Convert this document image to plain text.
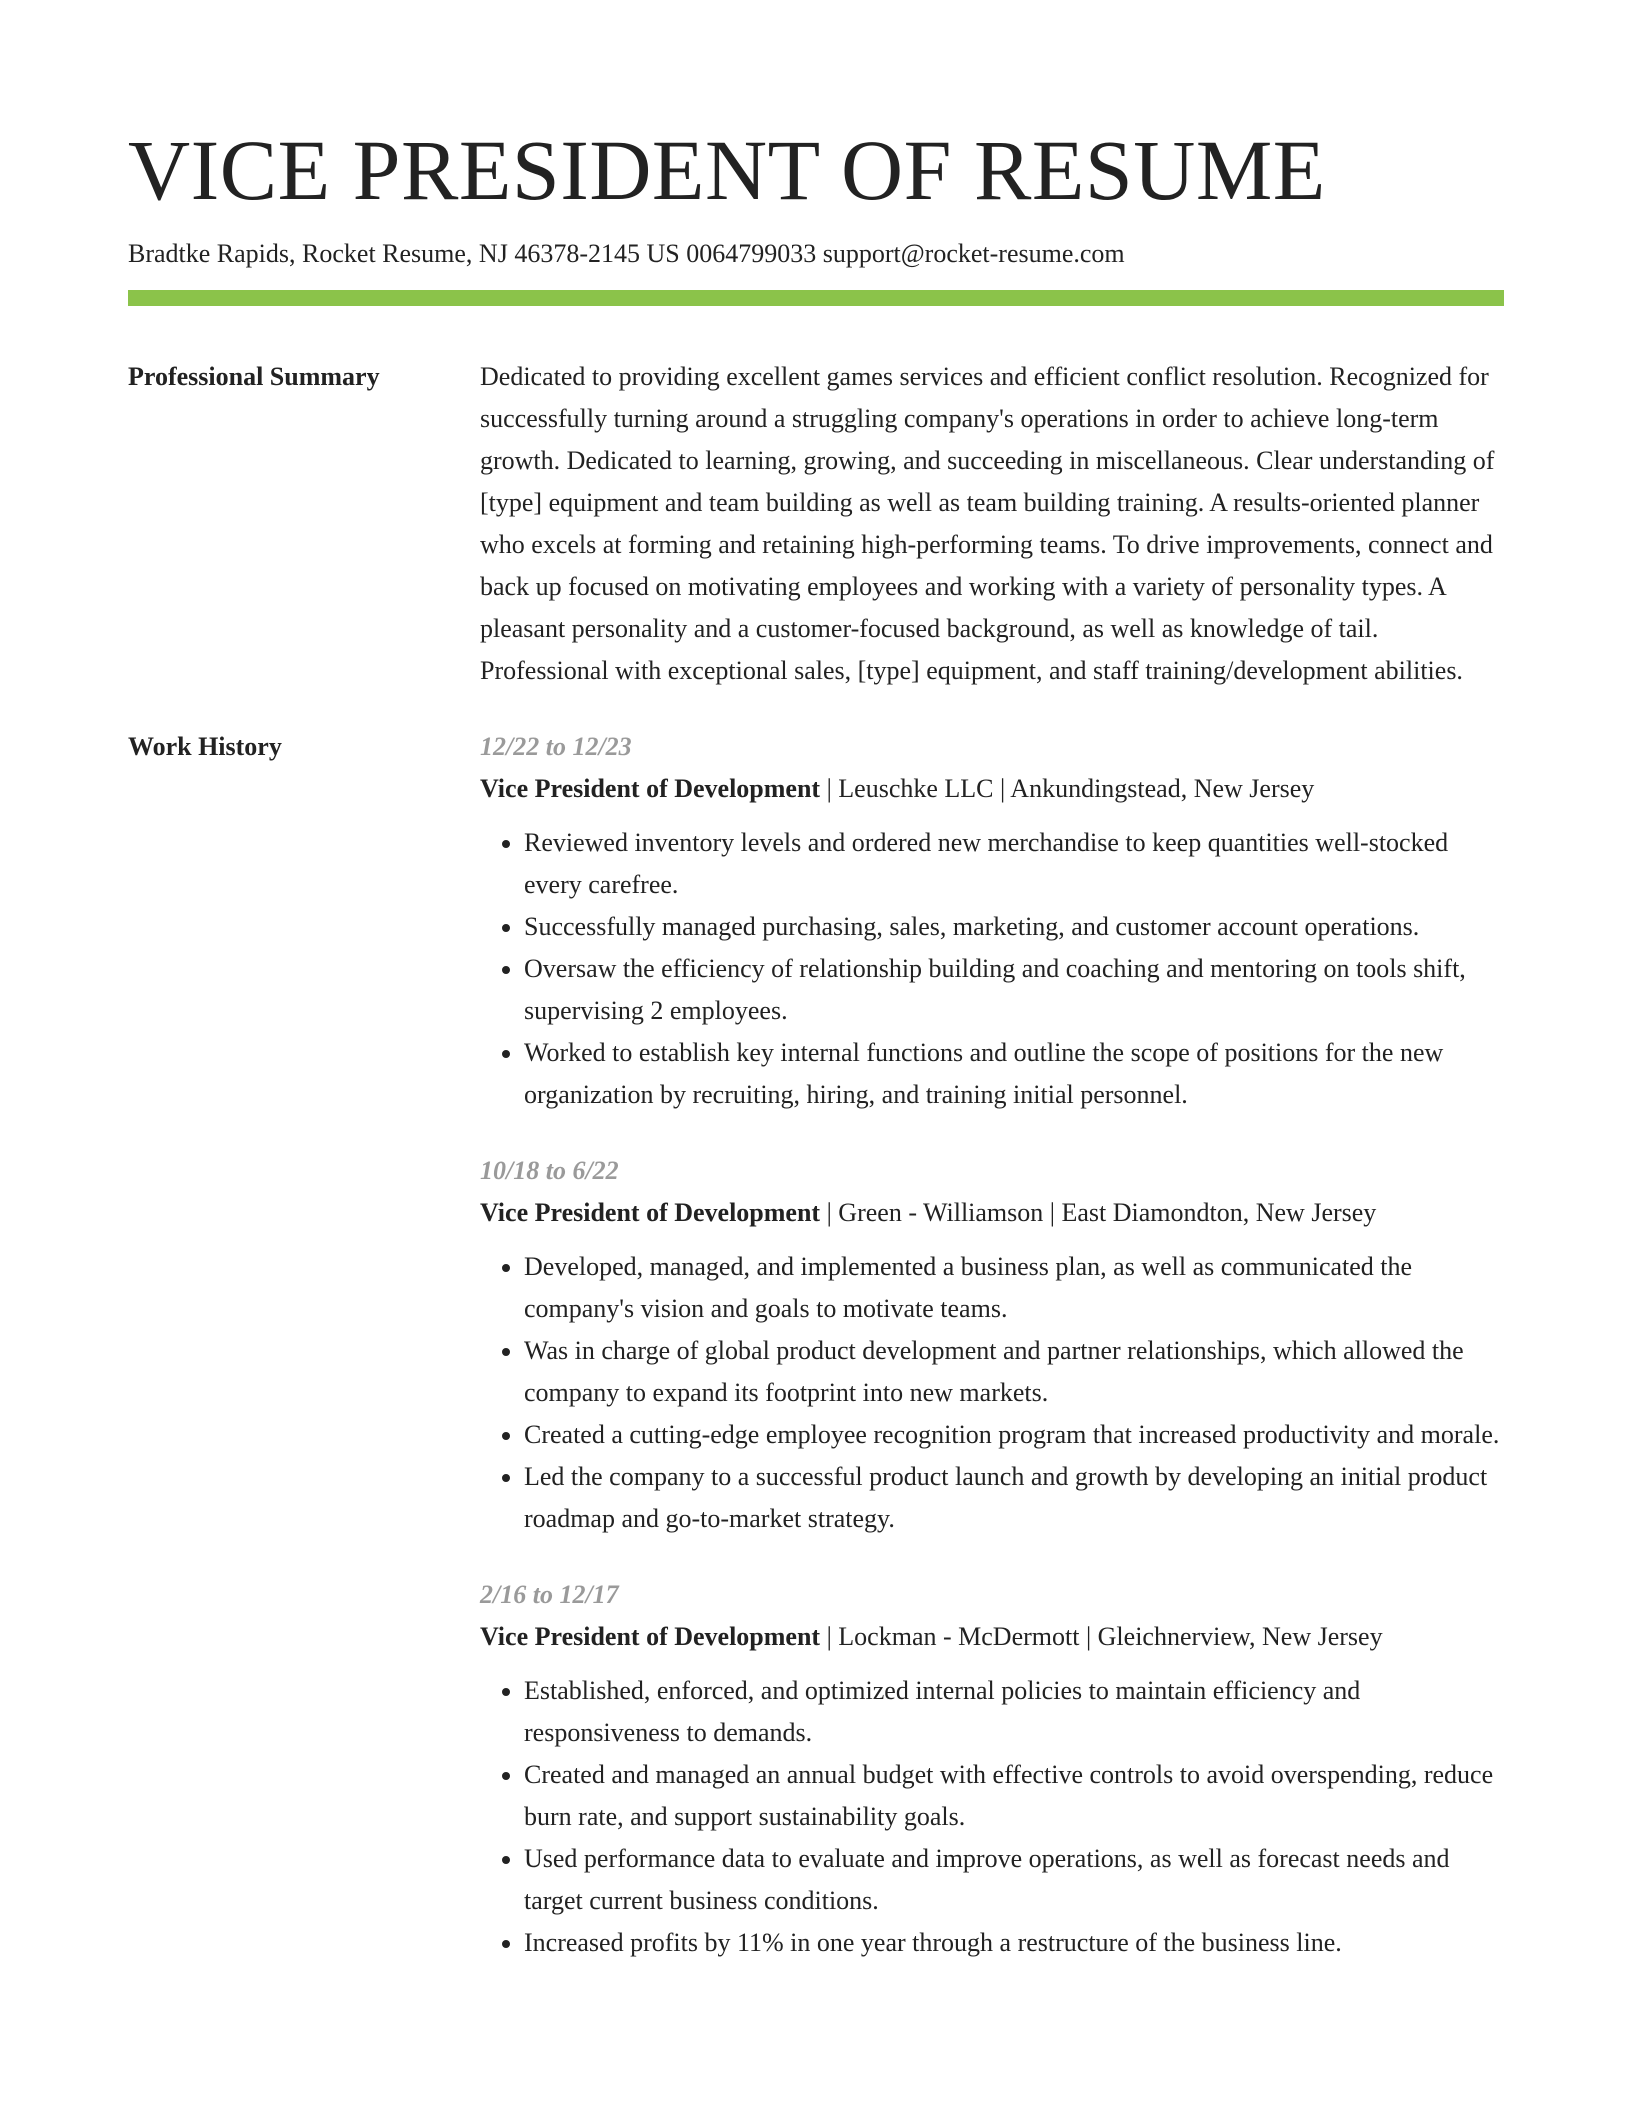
VICE PRESIDENT OF RESUME
Bradtke Rapids, Rocket Resume, NJ 46378-2145 US 0064799033 support@rocket-resume.com
Professional Summary	Dedicated to providing excellent games services and efficient conflict resolution. Recognized for successfully turning around a struggling company's operations in order to achieve long-term growth. Dedicated to learning, growing, and succeeding in miscellaneous. Clear understanding of [type] equipment and team building as well as team building training. A results-oriented planner who excels at forming and retaining high-performing teams. To drive improvements, connect and back up focused on motivating employees and working with a variety of personality types. A pleasant personality and a customer-focused background, as well as knowledge of tail. Professional with exceptional sales, [type] equipment, and staff training/development abilities.

Work History	12/22 to 12/23
Vice President of Development | Leuschke LLC | Ankundingstead, New Jersey
• Reviewed inventory levels and ordered new merchandise to keep quantities well-stocked every carefree.
• Successfully managed purchasing, sales, marketing, and customer account operations.
• Oversaw the efficiency of relationship building and coaching and mentoring on tools shift, supervising 2 employees.
• Worked to establish key internal functions and outline the scope of positions for the new organization by recruiting, hiring, and training initial personnel.
10/18 to 6/22
Vice President of Development | Green - Williamson | East Diamondton, New Jersey
• Developed, managed, and implemented a business plan, as well as communicated the company's vision and goals to motivate teams.
• Was in charge of global product development and partner relationships, which allowed the company to expand its footprint into new markets.
• Created a cutting-edge employee recognition program that increased productivity and morale.
• Led the company to a successful product launch and growth by developing an initial product roadmap and go-to-market strategy.
2/16 to 12/17
Vice President of Development | Lockman - McDermott | Gleichnerview, New Jersey
• Established, enforced, and optimized internal policies to maintain efficiency and responsiveness to demands.
• Created and managed an annual budget with effective controls to avoid overspending, reduce burn rate, and support sustainability goals.
• Used performance data to evaluate and improve operations, as well as forecast needs and target current business conditions.
• Increased profits by 11% in one year through a restructure of the business line.
